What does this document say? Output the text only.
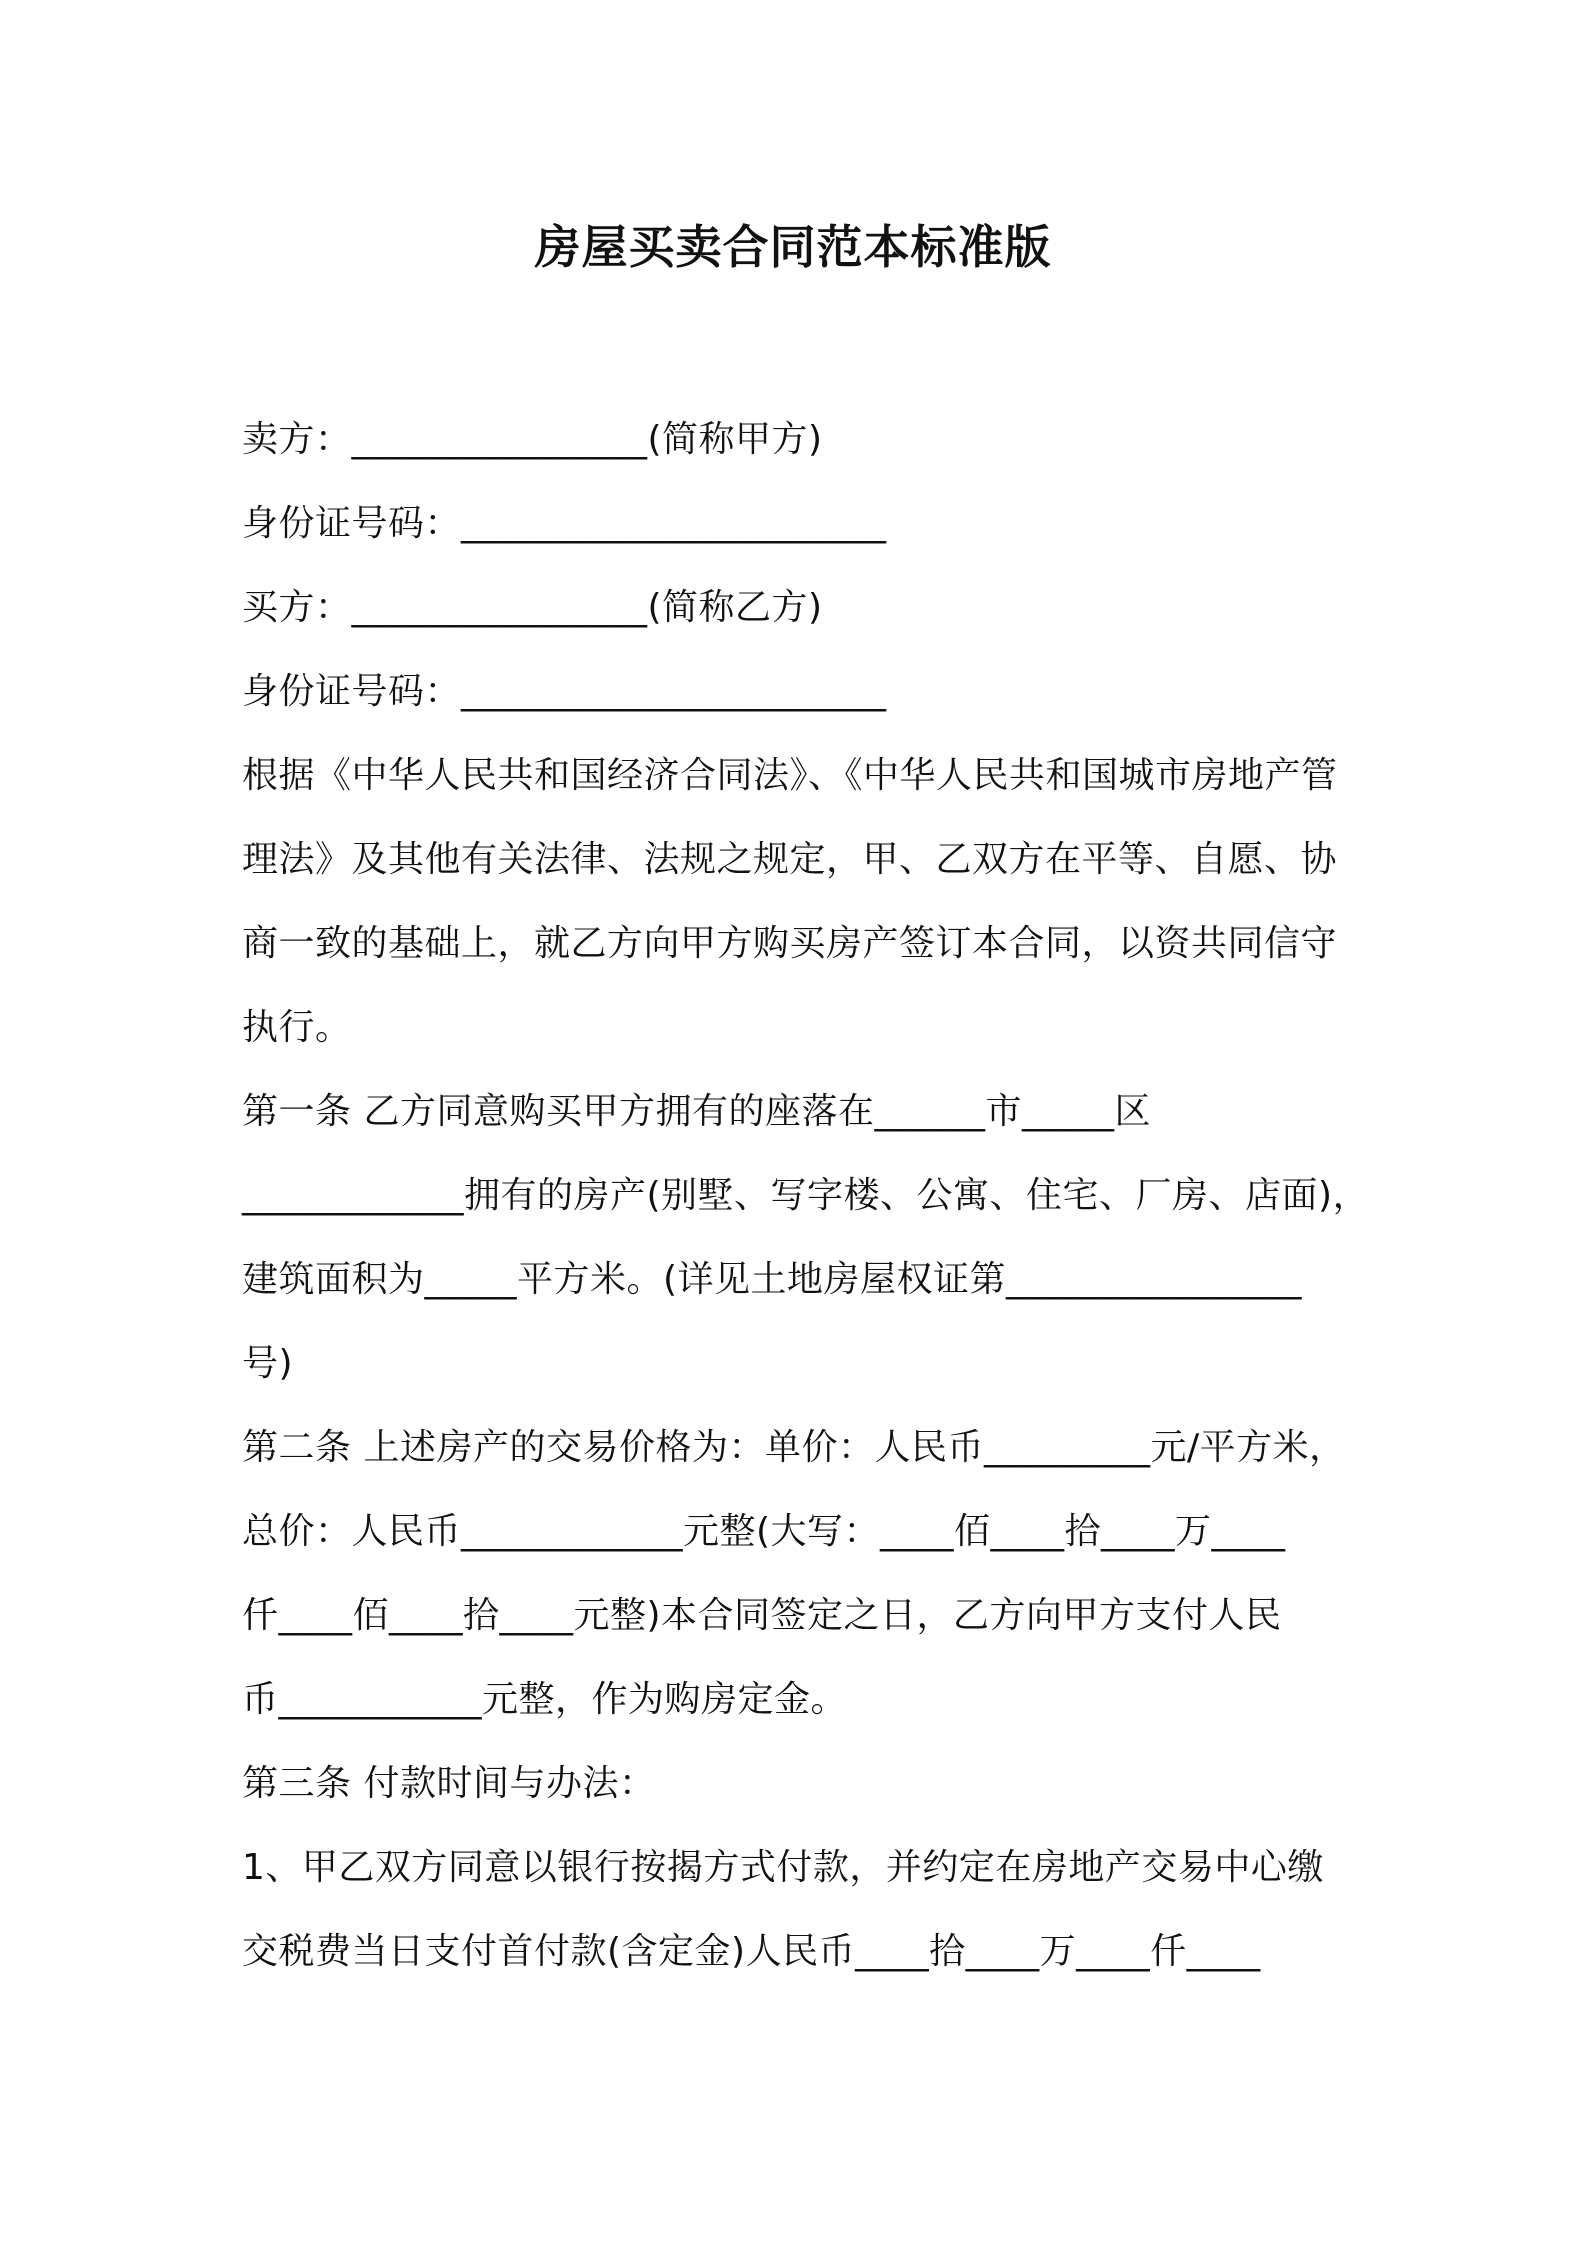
房屋买卖合同范本标准版
卖方：________________(简称甲方)
身份证号码：_______________________
买方：________________(简称乙方)
身份证号码：_______________________
根据《中华人民共和国经济合同法》、《中华人民共和国城市房地产管
理法》及其他有关法律、法规之规定，甲、乙双方在平等、自愿、协
商一致的基础上，就乙方向甲方购买房产签订本合同，以资共同信守
执行。
第一条 乙方同意购买甲方拥有的座落在______市_____区
____________拥有的房产(别墅、写字楼、公寓、住宅、厂房、店面)，
建筑面积为_____平方米。(详见土地房屋权证第________________
号)
第二条 上述房产的交易价格为：单价：人民币_________元/平方米，
总价：人民币____________元整(大写：____佰____拾____万____
仟____佰____拾____元整)本合同签定之日，乙方向甲方支付人民
币___________元整，作为购房定金。
第三条 付款时间与办法：
1、甲乙双方同意以银行按揭方式付款，并约定在房地产交易中心缴
交税费当日支付首付款(含定金)人民币____拾____万____仟____
